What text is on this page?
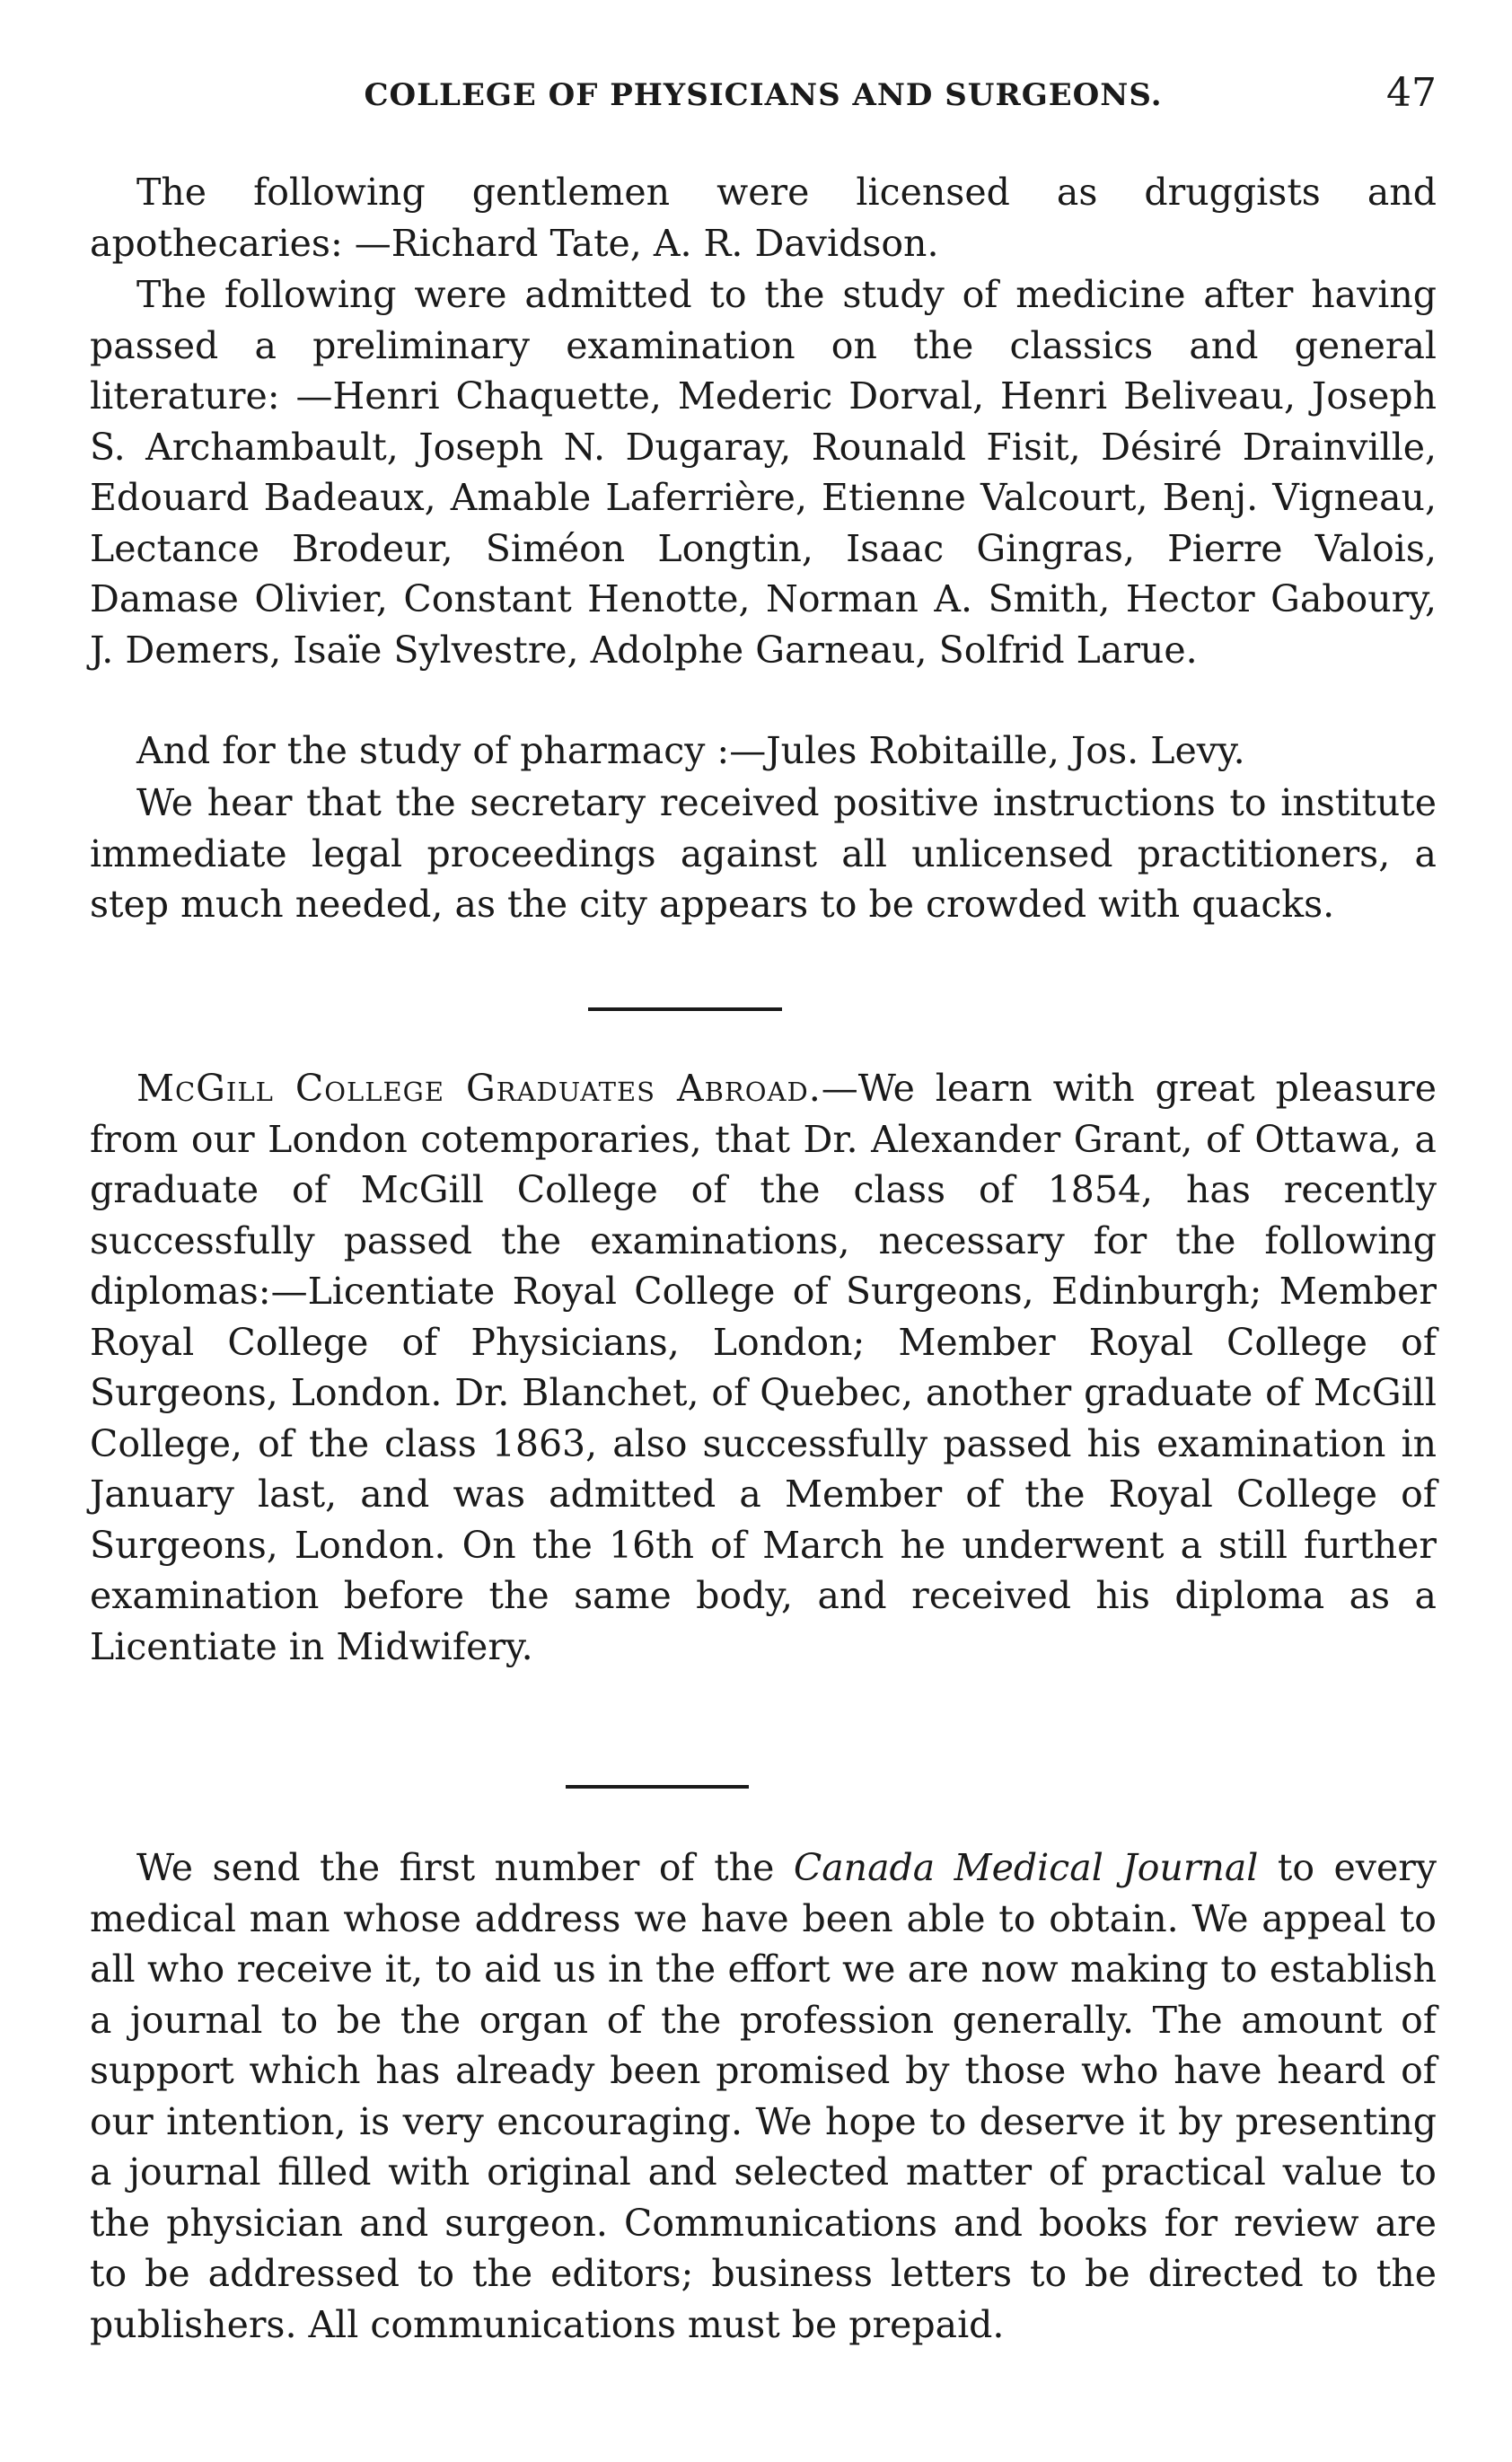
COLLEGE OF PHYSICIANS AND SURGEONS.	47

The following gentlemen were licensed as druggists and apothecaries: —Richard Tate, A. R. Davidson.

The following were admitted to the study of medicine after having passed a preliminary examination on the classics and general literature: —Henri Chaquette, Mederic Dorval, Henri Beliveau, Joseph S. Archambault, Joseph N. Dugaray, Rounald Fisit, Désiré Drainville, Edouard Badeaux, Amable Laferrière, Etienne Valcourt, Benj. Vigneau, Lectance Brodeur, Siméon Longtin, Isaac Gingras, Pierre Valois, Damase Olivier, Constant Henotte, Norman A. Smith, Hector Gaboury, J. Demers, Isaïe Sylvestre, Adolphe Garneau, Solfrid Larue.

And for the study of pharmacy :—Jules Robitaille, Jos. Levy.

We hear that the secretary received positive instructions to institute immediate legal proceedings against all unlicensed practitioners, a step much needed, as the city appears to be crowded with quacks.

McGill College Graduates Abroad.—We learn with great pleasure from our London cotemporaries, that Dr. Alexander Grant, of Ottawa, a graduate of McGill College of the class of 1854, has recently successfully passed the examinations, necessary for the following diplomas:—Licentiate Royal College of Surgeons, Edinburgh; Member Royal College of Physicians, London; Member Royal College of Surgeons, London. Dr. Blanchet, of Quebec, another graduate of McGill College, of the class 1863, also successfully passed his examination in January last, and was admitted a Member of the Royal College of Surgeons, London. On the 16th of March he underwent a still further examination before the same body, and received his diploma as a Licentiate in Midwifery.

We send the first number of the Canada Medical Journal to every medical man whose address we have been able to obtain. We appeal to all who receive it, to aid us in the effort we are now making to establish a journal to be the organ of the profession generally. The amount of support which has already been promised by those who have heard of our intention, is very encouraging. We hope to deserve it by presenting a journal filled with original and selected matter of practical value to the physician and surgeon. Communications and books for review are to be addressed to the editors; business letters to be directed to the publishers. All communications must be prepaid.
